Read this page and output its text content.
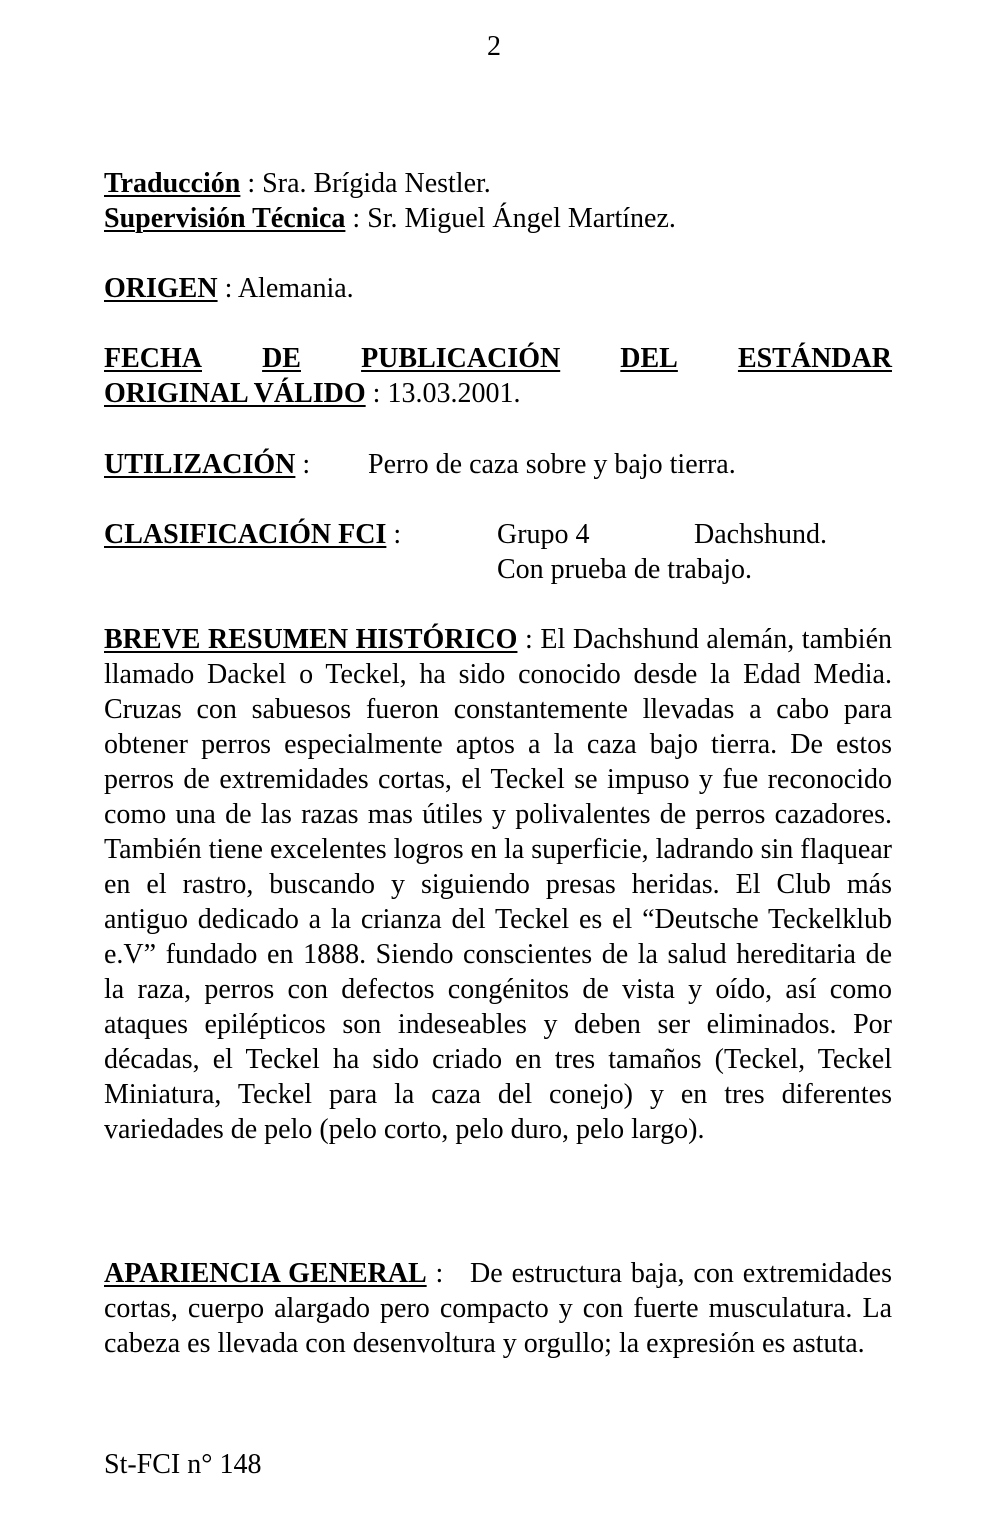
2
Traducción : Sra. Brígida Nestler.
Supervisión Técnica : Sr. Miguel Ángel Martínez.
ORIGEN : Alemania.
FECHA DE PUBLICACIÓN DEL ESTÁNDAR
ORIGINAL VÁLIDO : 13.03.2001.
UTILIZACIÓN : Perro de caza sobre y bajo tierra.
CLASIFICACIÓN FCI :	Grupo 4	Dachshund.
Con prueba de trabajo.
BREVE RESUMEN HISTÓRICO : El Dachshund alemán, también llamado Dackel o Teckel, ha sido conocido desde la Edad Media. Cruzas con sabuesos fueron constantemente llevadas a cabo para obtener perros especialmente aptos a la caza bajo tierra. De estos perros de extremidades cortas, el Teckel se impuso y fue reconocido como una de las razas mas útiles y polivalentes de perros cazadores. También tiene excelentes logros en la superficie, ladrando sin flaquear en el rastro, buscando y siguiendo presas heridas. El Club más antiguo dedicado a la crianza del Teckel es el “Deutsche Teckelklub e.V” fundado en 1888. Siendo conscientes de la salud hereditaria de la raza, perros con defectos congénitos de vista y oído, así como ataques epilépticos son indeseables y deben ser eliminados. Por décadas, el Teckel ha sido criado en tres tamaños (Teckel, Teckel Miniatura, Teckel para la caza del conejo) y en tres diferentes variedades de pelo (pelo corto, pelo duro, pelo largo).
APARIENCIA GENERAL :   De estructura baja, con extremidades cortas, cuerpo alargado pero compacto y con fuerte musculatura. La cabeza es llevada con desenvoltura y orgullo; la expresión es astuta.
St-FCI n° 148
